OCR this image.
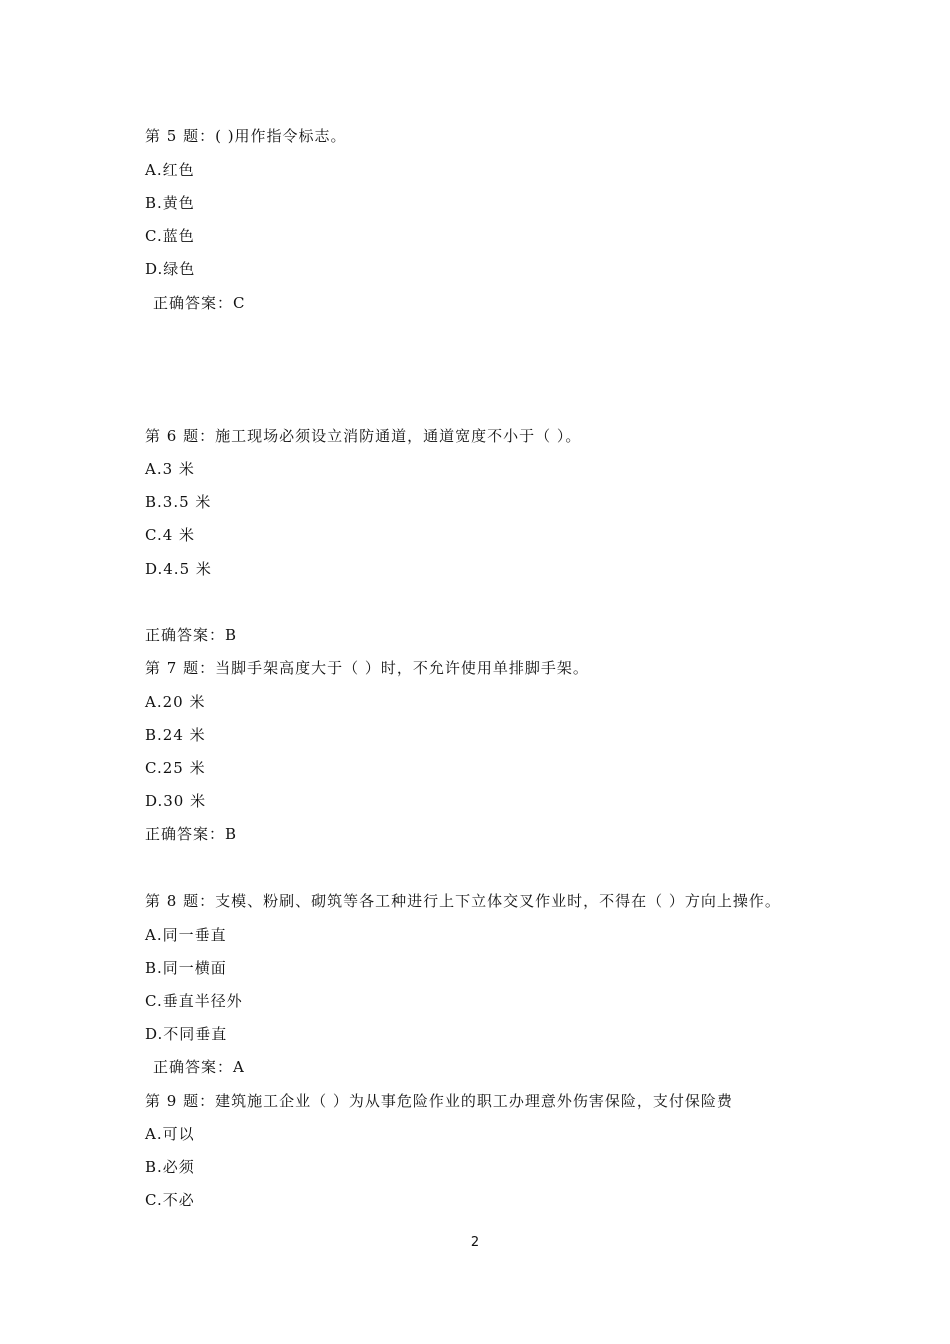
第 5 题：( )用作指令标志。
A.红色
B.黄色
C.蓝色
D.绿色
正确答案：C
第 6 题：施工现场必须设立消防通道，通道宽度不小于（ ）。
A.3 米
B.3.5 米
C.4 米
D.4.5 米
正确答案：B
第 7 题：当脚手架高度大于（ ）时，不允许使用单排脚手架。
A.20 米
B.24 米
C.25 米
D.30 米
正确答案：B
第 8 题：支模、粉刷、砌筑等各工种进行上下立体交叉作业时，不得在（ ）方向上操作。
A.同一垂直
B.同一横面
C.垂直半径外
D.不同垂直
正确答案：A
第 9 题：建筑施工企业（ ）为从事危险作业的职工办理意外伤害保险，支付保险费
A.可以
B.必须
C.不必
2
